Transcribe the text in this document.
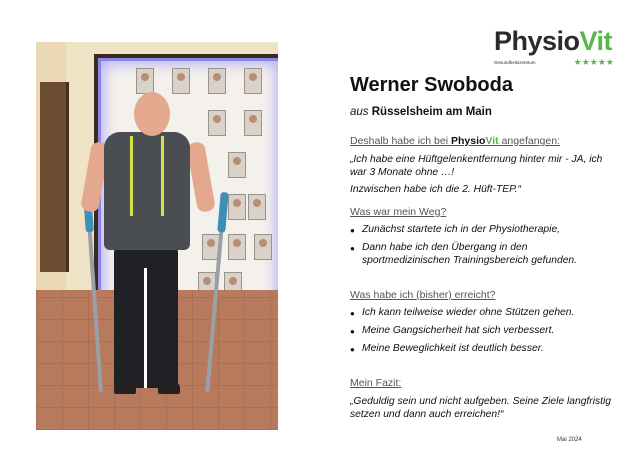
PhysioVit
Gesundheitszentrum	★★★★★
Werner Swoboda

aus Rüsselsheim am Main

Deshalb habe ich bei PhysioVit angefangen:

„Ich habe eine Hüftgelenkentfernung hinter mir - JA, ich war 3 Monate ohne …!

Inzwischen habe ich die 2. Hüft-TEP.“

Was war mein Weg?

● Zunächst startete ich in der Physiotherapie,
● Dann habe ich den Übergang in den sportmedizinischen Trainingsbereich gefunden.

Was habe ich (bisher) erreicht?

● Ich kann teilweise wieder ohne Stützen gehen.
● Meine Gangsicherheit hat sich verbessert.
● Meine Beweglichkeit ist deutlich besser.

Mein Fazit:

„Geduldig sein und nicht aufgeben. Seine Ziele langfristig setzen und dann auch erreichen!“

Mai 2024
